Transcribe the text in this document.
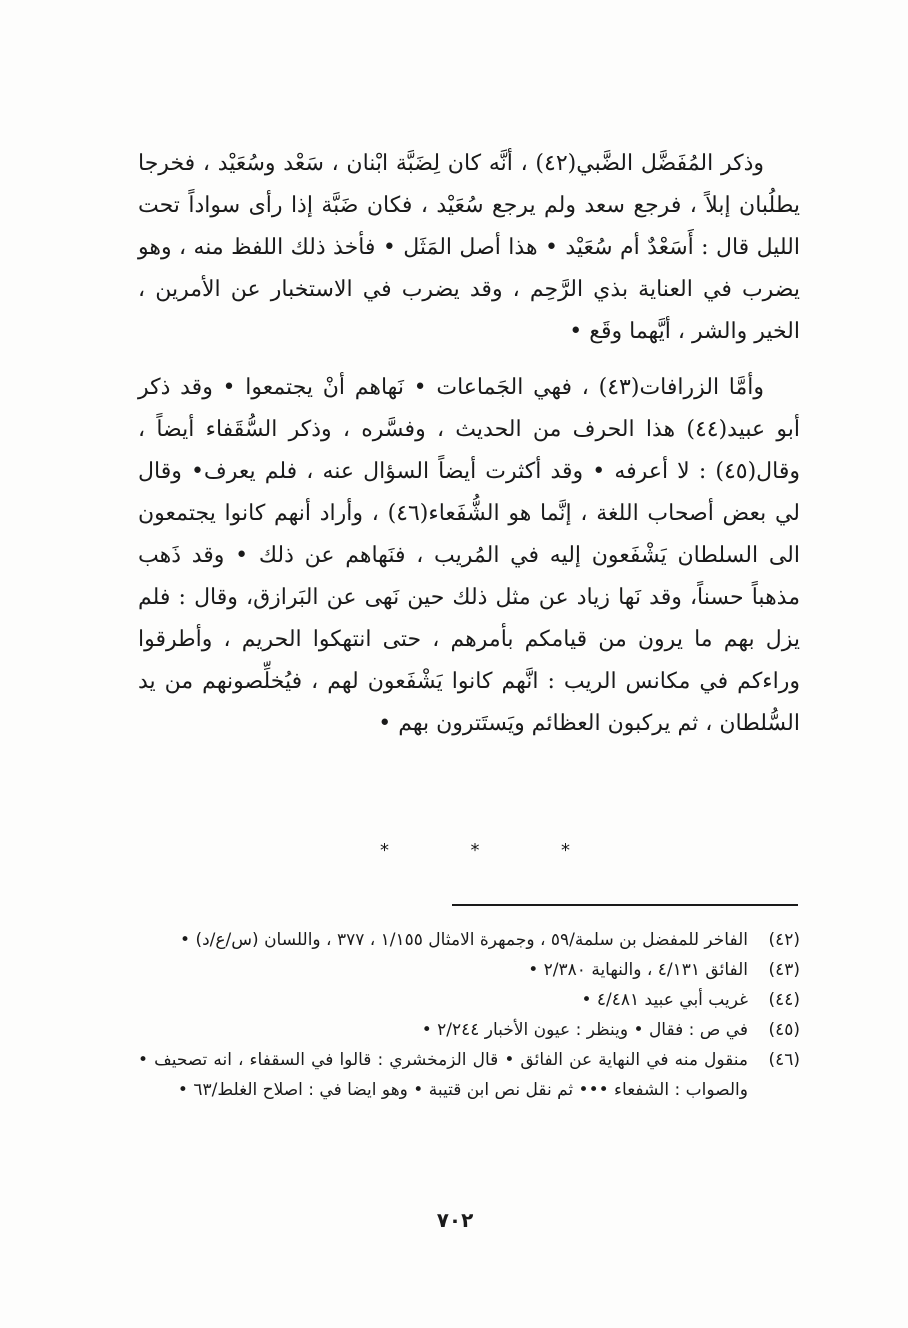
وذكر المُفَضَّل الضَّبي(٤٢) ، أنَّه كان لِضَبَّة ابْنان ، سَعْد وسُعَيْد ، فخرجا يطلُبان إبلاً ، فرجع سعد ولم يرجع سُعَيْد ، فكان ضَبَّة إذا رأى سواداً تحت الليل قال : أَسَعْدٌ أم سُعَيْد • هذا أصل المَثَل • فأخذ ذلك اللفظ منه ، وهو يضرب في العناية بذي الرَّحِم ، وقد يضرب في الاستخبار عن الأمرين ، الخير والشر ، أيَّهما وقَع •

وأمَّا الزرافات(٤٣) ، فهي الجَماعات • نَهاهم أنْ يجتمعوا • وقد ذكر أبو عبيد(٤٤) هذا الحرف من الحديث ، وفسَّره ، وذكر السُّقَفاء أيضاً ، وقال(٤٥) : لا أعرفه • وقد أكثرت أيضاً السؤال عنه ، فلم يعرف• وقال لي بعض أصحاب اللغة ، إنَّما هو الشُّفَعاء(٤٦) ، وأراد أنهم كانوا يجتمعون الى السلطان يَشْفَعون إليه في المُريب ، فنَهاهم عن ذلك • وقد ذَهب مذهباً حسناً، وقد نَها زياد عن مثل ذلك حين نَهى عن البَرازق، وقال : فلم يزل بهم ما يرون من قيامكم بأمرهم ، حتى انتهكوا الحريم ، وأطرقوا وراءكم في مكانس الريب : انَّهم كانوا يَشْفَعون لهم ، فيُخلِّصونهم من يد السُّلطان ، ثم يركبون العظائم ويَستَترون بهم •

*	*	*
(٤٢)
الفاخر للمفضل بن سلمة/٥٩ ، وجمهرة الامثال ١/١٥٥ ، ٣٧٧ ، واللسان (س/ع/د) •
(٤٣)
الفائق ٤/١٣١ ، والنهاية ٢/٣٨٠ •
(٤٤)
غريب أبي عبيد ٤/٤٨١ •
(٤٥)
في ص : فقال • وينظر : عيون الأخبار ٢/٢٤٤ •
(٤٦)
منقول منه في النهاية عن الفائق • قال الزمخشري : قالوا في السقفاء ، انه تصحيف • والصواب : الشفعاء ••• ثم نقل نص ابن قتيبة • وهو ايضا في : اصلاح الغلط/٦٣ •
٧٠٢
